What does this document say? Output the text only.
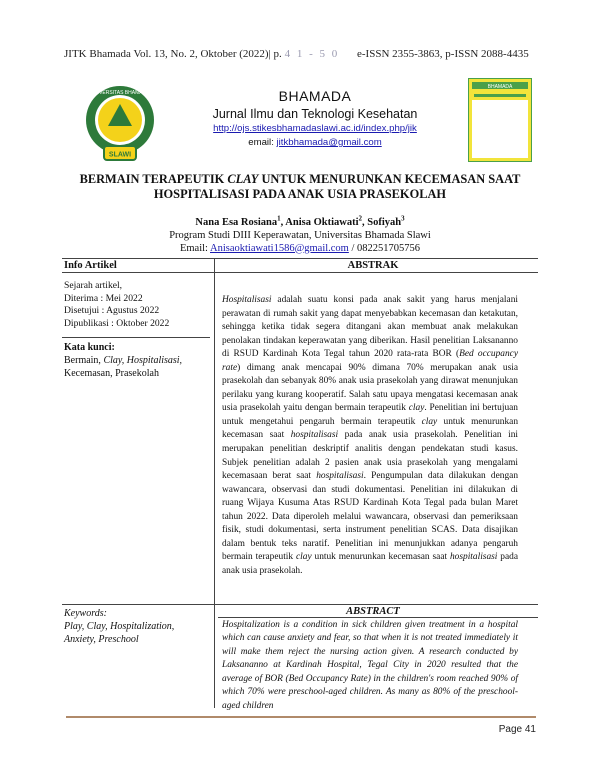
JITK Bhamada Vol. 13, No. 2, Oktober (2022)| p. 4 1 - 5 0 e-ISSN 2355-3863, p-ISSN 2088-4435
SLAWI
UNIVERSITAS BHAMADA	BHAMADA
Jurnal Ilmu dan Teknologi Kesehatan
http://ojs.stikesbhamadaslawi.ac.id/index.php/jik
email: jitkbhamada@gmail.com
BHAMADA
BERMAIN TERAPEUTIK CLAY UNTUK MENURUNKAN KECEMASAN SAAT
HOSPITALISASI PADA ANAK USIA PRASEKOLAH
Nana Esa Rosiana$^1$, Anisa Oktiawati$^2$, Sofiyah$^3$
Program Studi DIII Keperawatan, Universitas Bhamada Slawi
Email: Anisaoktiawati1586@gmail.com / 082251705756
Info Artikel	ABSTRAK
Sejarah artikel,
Diterima : Mei 2022
Disetujui : Agustus 2022
Dipublikasi : Oktober 2022
Kata kunci:
Bermain, Clay, Hospitalisasi,
Kecemasan, Prasekolah
Keywords:
Play, Clay, Hospitalization,
Anxiety, Preschool
Hospitalisasi adalah suatu konsi pada anak sakit yang harus menjalani perawatan di rumah sakit yang dapat menyebabkan kecemasan dan ketakutan, sehingga ketika tidak segera ditangani akan membuat anak melakukan penolakan tindakan keperawatan yang diberikan. Hasil penelitian Laksananno di RSUD Kardinah Kota Tegal tahun 2020 rata-rata BOR (Bed occupancy rate) dimang anak mencapai 90% dimana 70% merupakan anak usia prasekolah dan sebanyak 80% anak usia prasekolah yang dirawat menunjukan perilaku yang kurang kooperatif. Salah satu upaya mengatasi kecemasan anak usia prasekolah yaitu dengan bermain terapeutik clay. Penelitian ini bertujuan untuk mengetahui pengaruh bermain terapeutik clay untuk menurunkan kecemasan saat hospitalisasi pada anak usia prasekolah. Penelitian ini merupakan penelitian deskriptif analitis dengan pendekatan studi kasus. Subjek penelitian adalah 2 pasien anak usia prasekolah yang mengalami kecemasaan berat saat hospitalisasi. Pengumpulan data dilakukan dengan wawancara, observasi dan studi dokumentasi. Penelitian ini dilakukan di ruang Wijaya Kusuma Atas RSUD Kardinah Kota Tegal pada bulan Maret tahun 2022. Data diperoleh melalui wawancara, observasi dan pemeriksaan fisik, studi dokumentasi, serta instrument penelitian SCAS. Data disajikan dalam bentuk teks naratif. Penelitian ini menunjukkan adanya pengaruh bermain terapeutik clay untuk menurunkan kecemasan saat hospitalisasi pada anak usia prasekolah.
ABSTRACT
Hospitalization is a condition in sick children given treatment in a hospital which can cause anxiety and fear, so that when it is not treated immediately it will make them reject the nursing action given. A research conducted by Laksananno at Kardinah Hospital, Tegal City in 2020 resulted that the average of BOR (Bed Occupancy Rate) in the children's room reached 90% of which 70% were preschool-aged children. As many as 80% of the preschool-aged children
Page 41
